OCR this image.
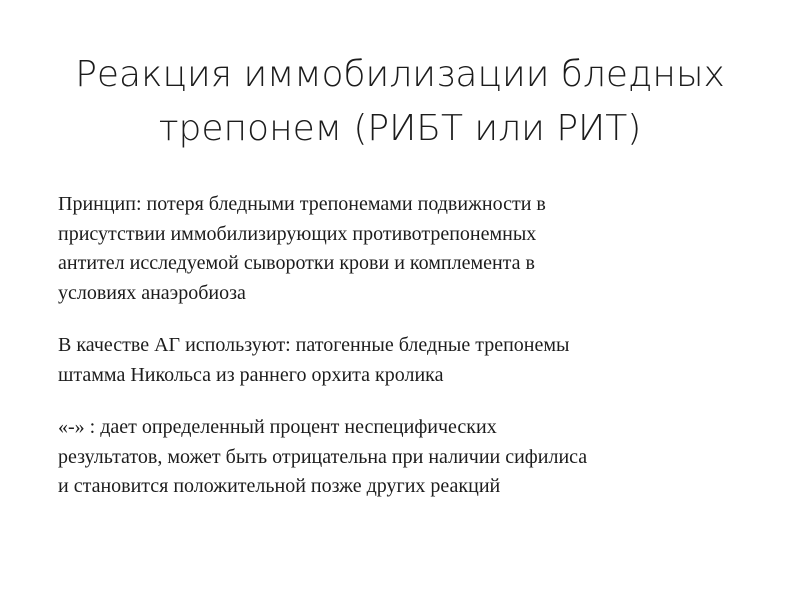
Реакция иммобилизации бледных
трепонем (РИБТ или РИТ)

Принцип: потеря бледными трепонемами подвижности в
присутствии иммобилизирующих противотрепонемных
антител исследуемой сыворотки крови и комплемента в
условиях анаэробиоза

В качестве АГ используют: патогенные бледные трепонемы
штамма Никольса из раннего орхита кролика

«-» : дает определенный процент неспецифических
результатов, может быть отрицательна при наличии сифилиса
и становится положительной позже других реакций
